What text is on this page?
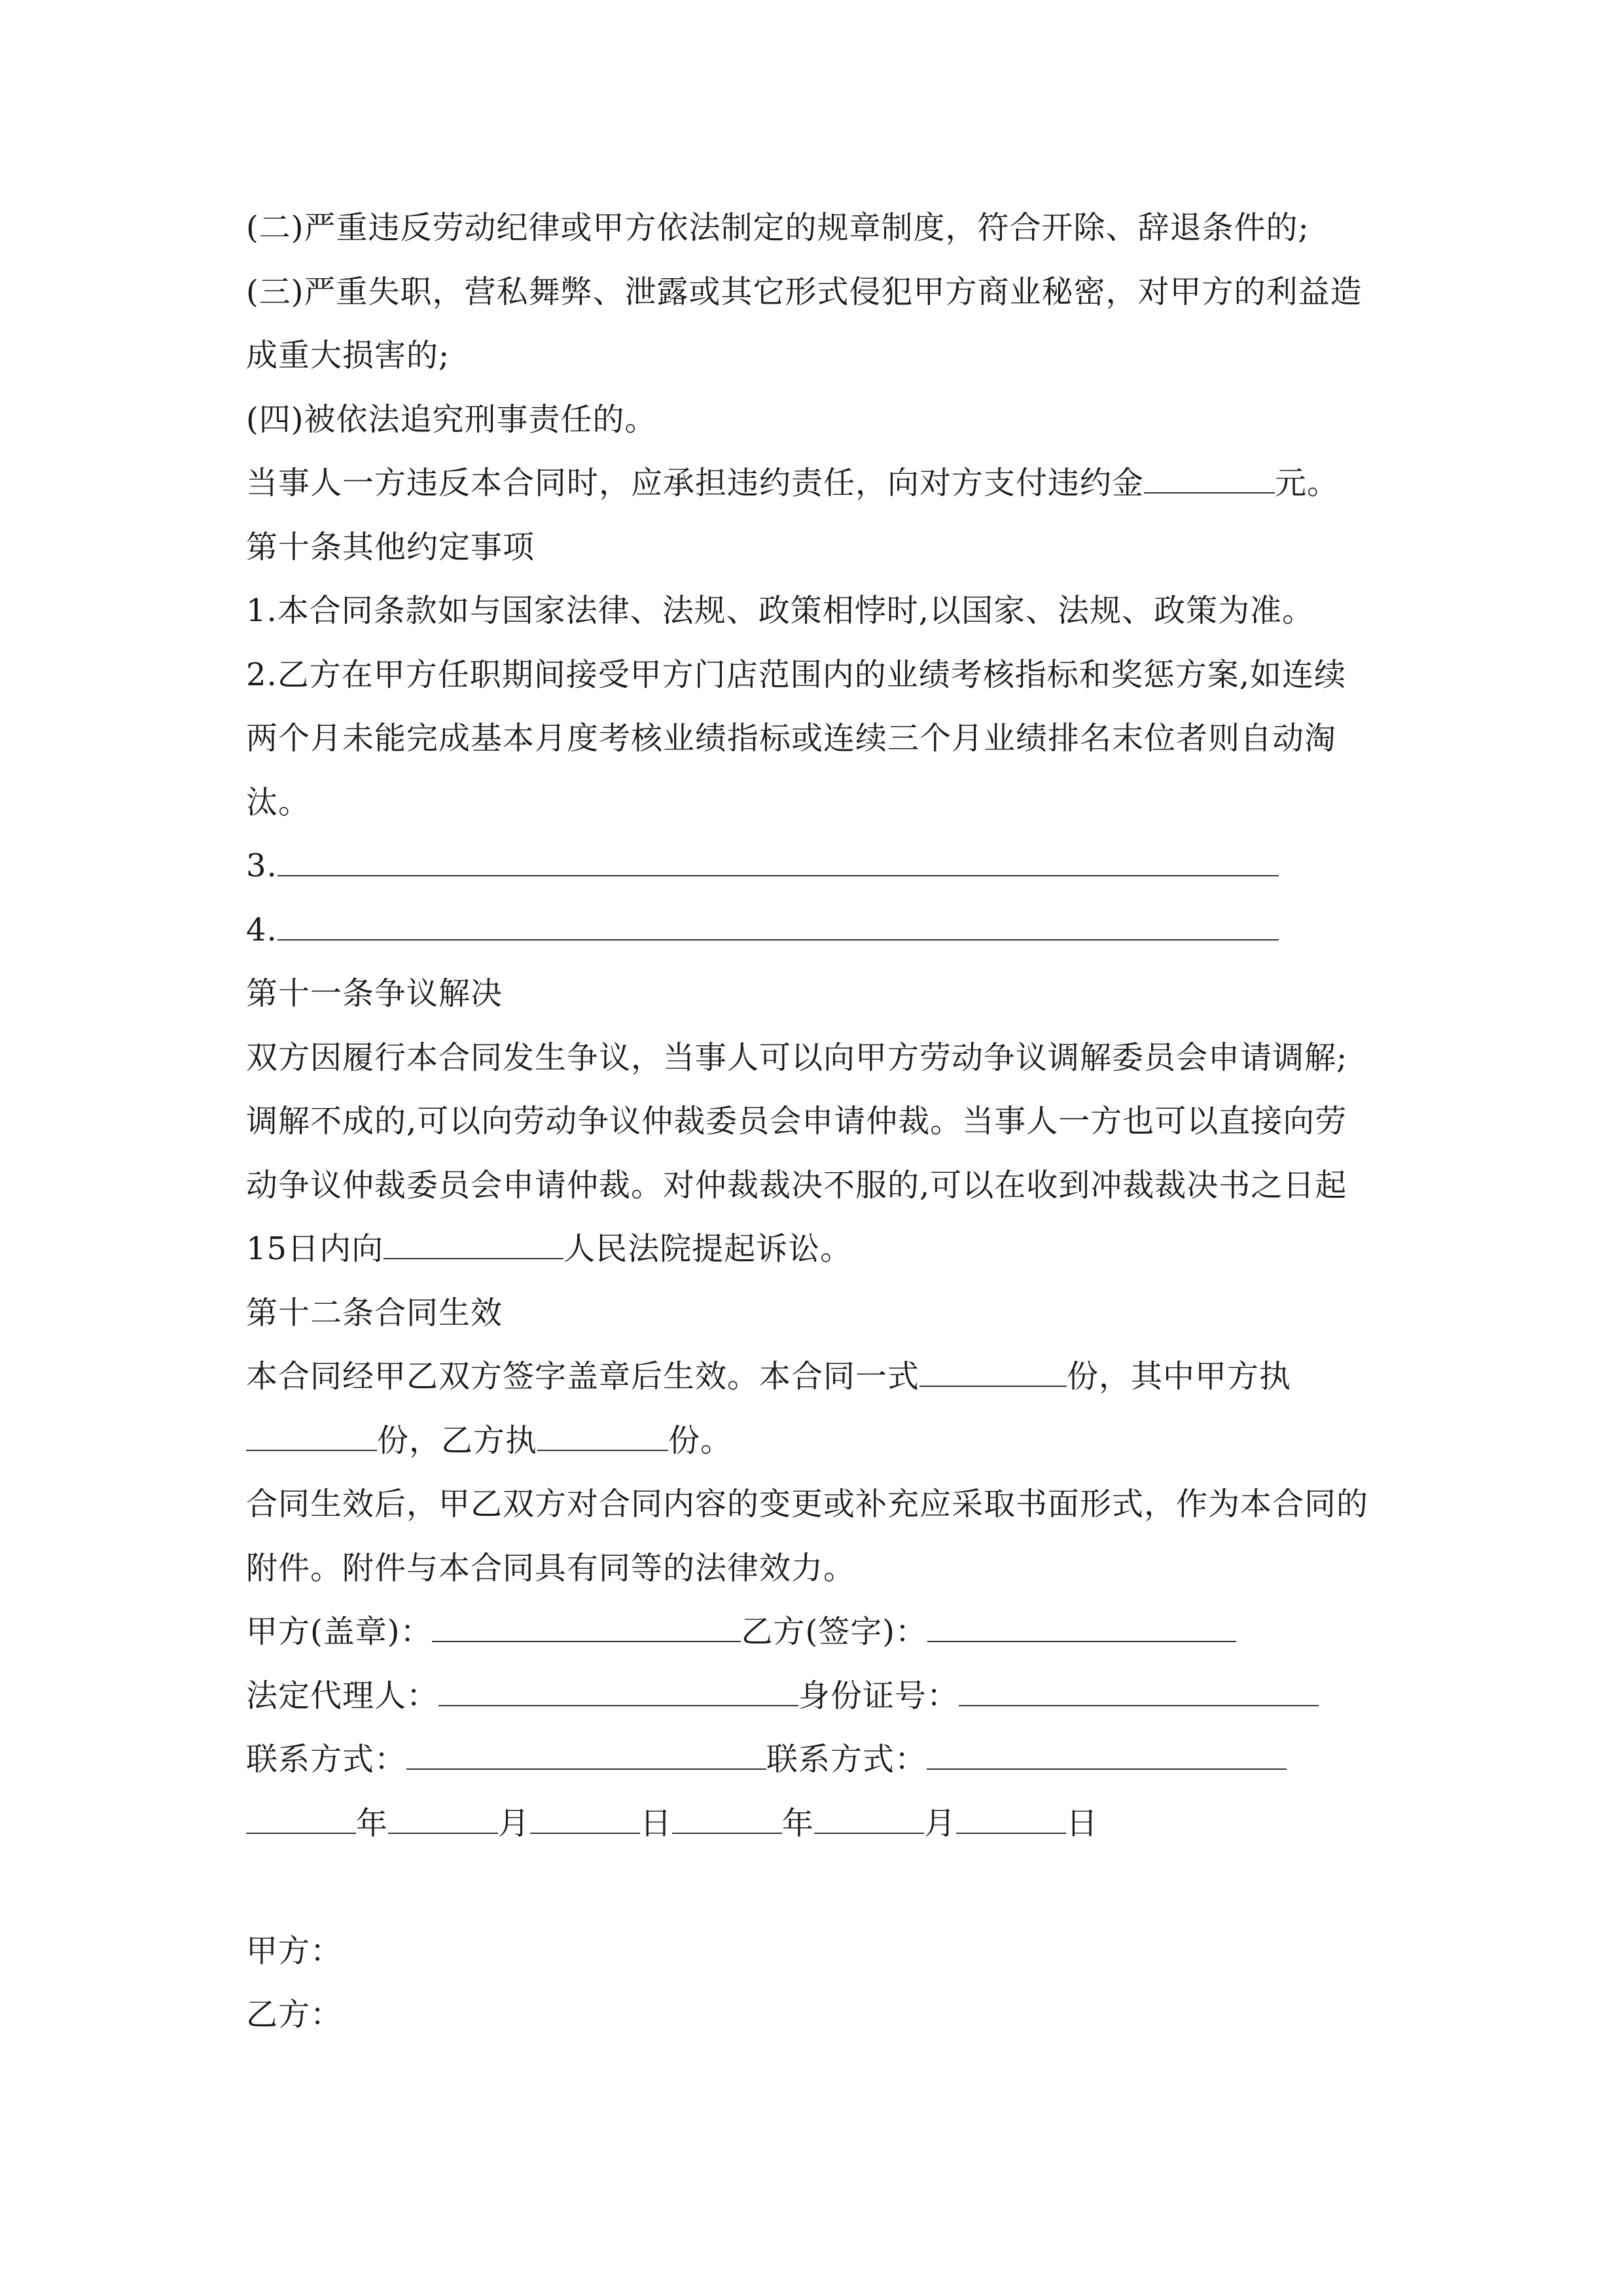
(二)严重违反劳动纪律或甲方依法制定的规章制度，符合开除、辞退条件的;
(三)严重失职，营私舞弊、泄露或其它形式侵犯甲方商业秘密，对甲方的利益造
成重大损害的;
(四)被依法追究刑事责任的。
当事人一方违反本合同时，应承担违约责任，向对方支付违约金	元。
第十条其他约定事项
1.本合同条款如与国家法律、法规、政策相悖时,以国家、法规、政策为准。
2.乙方在甲方任职期间接受甲方门店范围内的业绩考核指标和奖惩方案,如连续
两个月未能完成基本月度考核业绩指标或连续三个月业绩排名末位者则自动淘
汰。
3.
4.
第十一条争议解决
双方因履行本合同发生争议，当事人可以向甲方劳动争议调解委员会申请调解;
调解不成的,可以向劳动争议仲裁委员会申请仲裁。当事人一方也可以直接向劳
动争议仲裁委员会申请仲裁。对仲裁裁决不服的,可以在收到冲裁裁决书之日起
15日内向	人民法院提起诉讼。
第十二条合同生效
本合同经甲乙双方签字盖章后生效。本合同一式	份，其中甲方执
份，乙方执	份。
合同生效后，甲乙双方对合同内容的变更或补充应采取书面形式，作为本合同的
附件。附件与本合同具有同等的法律效力。
甲方(盖章)：	乙方(签字)：
法定代理人：	身份证号：
联系方式：	联系方式：
年	月	日	年	月	日
甲方：
乙方：
